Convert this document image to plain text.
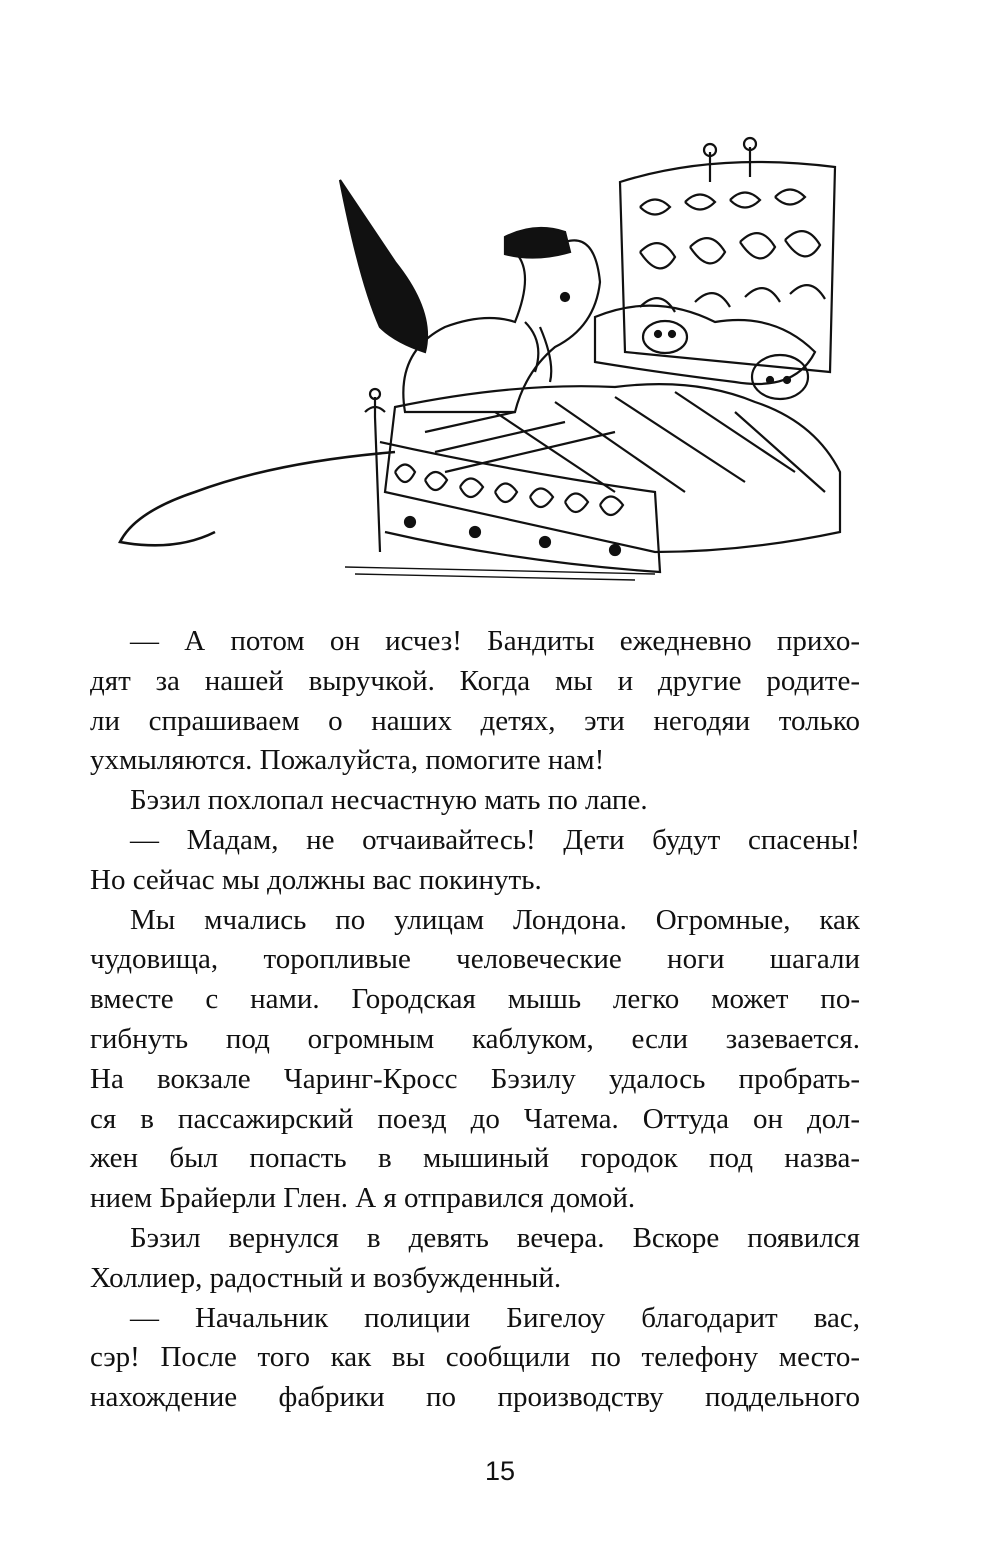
— А потом он исчез! Бандиты ежедневно прихо-
дят за нашей выручкой. Когда мы и другие родите-
ли спрашиваем о наших детях, эти негодяи только
ухмыляются. Пожалуйста, помогите нам!
Бэзил похлопал несчастную мать по лапе.
— Мадам, не отчаивайтесь! Дети будут спасены!
Но сейчас мы должны вас покинуть.
Мы мчались по улицам Лондона. Огромные, как
чудовища, торопливые человеческие ноги шагали
вместе с нами. Городская мышь легко может по-
гибнуть под огромным каблуком, если зазевается.
На вокзале Чаринг-Кросс Бэзилу удалось пробрать-
ся в пассажирский поезд до Чатема. Оттуда он дол-
жен был попасть в мышиный городок под назва-
нием Брайерли Глен. А я отправился домой.
Бэзил вернулся в девять вечера. Вскоре появился
Холлиер, радостный и возбужденный.
— Начальник полиции Бигелоу благодарит вас,
сэр! После того как вы сообщили по телефону место-
нахождение фабрики по производству поддельного
15
